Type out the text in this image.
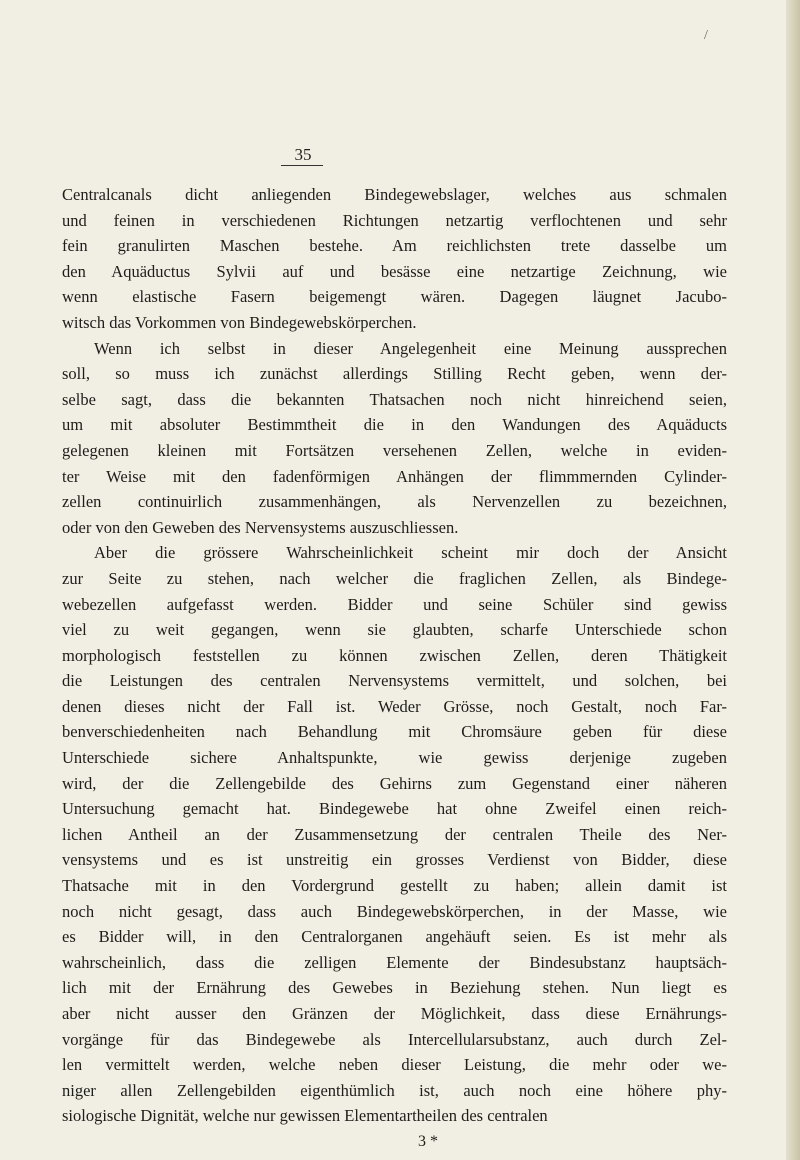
/
35
Centralcanals dicht anliegenden Bindegewebslager, welches aus schmalen
und feinen in verschiedenen Richtungen netzartig verflochtenen und sehr
fein granulirten Maschen bestehe. Am reichlichsten trete dasselbe um
den Aquäductus Sylvii auf und besässe eine netzartige Zeichnung, wie
wenn elastische Fasern beigemengt wären. Dagegen läugnet Jacubo-
witsch das Vorkommen von Bindegewebskörperchen.
Wenn ich selbst in dieser Angelegenheit eine Meinung aussprechen
soll, so muss ich zunächst allerdings Stilling Recht geben, wenn der-
selbe sagt, dass die bekannten Thatsachen noch nicht hinreichend seien,
um mit absoluter Bestimmtheit die in den Wandungen des Aquäducts
gelegenen kleinen mit Fortsätzen versehenen Zellen, welche in eviden-
ter Weise mit den fadenförmigen Anhängen der flimmmernden Cylinder-
zellen continuirlich zusammenhängen, als Nervenzellen zu bezeichnen,
oder von den Geweben des Nervensystems auszuschliessen.
Aber die grössere Wahrscheinlichkeit scheint mir doch der Ansicht
zur Seite zu stehen, nach welcher die fraglichen Zellen, als Bindege-
webezellen aufgefasst werden. Bidder und seine Schüler sind gewiss
viel zu weit gegangen, wenn sie glaubten, scharfe Unterschiede schon
morphologisch feststellen zu können zwischen Zellen, deren Thätigkeit
die Leistungen des centralen Nervensystems vermittelt, und solchen, bei
denen dieses nicht der Fall ist. Weder Grösse, noch Gestalt, noch Far-
benverschiedenheiten nach Behandlung mit Chromsäure geben für diese
Unterschiede sichere Anhaltspunkte, wie gewiss derjenige zugeben
wird, der die Zellengebilde des Gehirns zum Gegenstand einer näheren
Untersuchung gemacht hat. Bindegewebe hat ohne Zweifel einen reich-
lichen Antheil an der Zusammensetzung der centralen Theile des Ner-
vensystems und es ist unstreitig ein grosses Verdienst von Bidder, diese
Thatsache mit in den Vordergrund gestellt zu haben; allein damit ist
noch nicht gesagt, dass auch Bindegewebskörperchen, in der Masse, wie
es Bidder will, in den Centralorganen angehäuft seien. Es ist mehr als
wahrscheinlich, dass die zelligen Elemente der Bindesubstanz hauptsäch-
lich mit der Ernährung des Gewebes in Beziehung stehen. Nun liegt es
aber nicht ausser den Gränzen der Möglichkeit, dass diese Ernährungs-
vorgänge für das Bindegewebe als Intercellularsubstanz, auch durch Zel-
len vermittelt werden, welche neben dieser Leistung, die mehr oder we-
niger allen Zellengebilden eigenthümlich ist, auch noch eine höhere phy-
siologische Dignität, welche nur gewissen Elementartheilen des centralen
3 *
